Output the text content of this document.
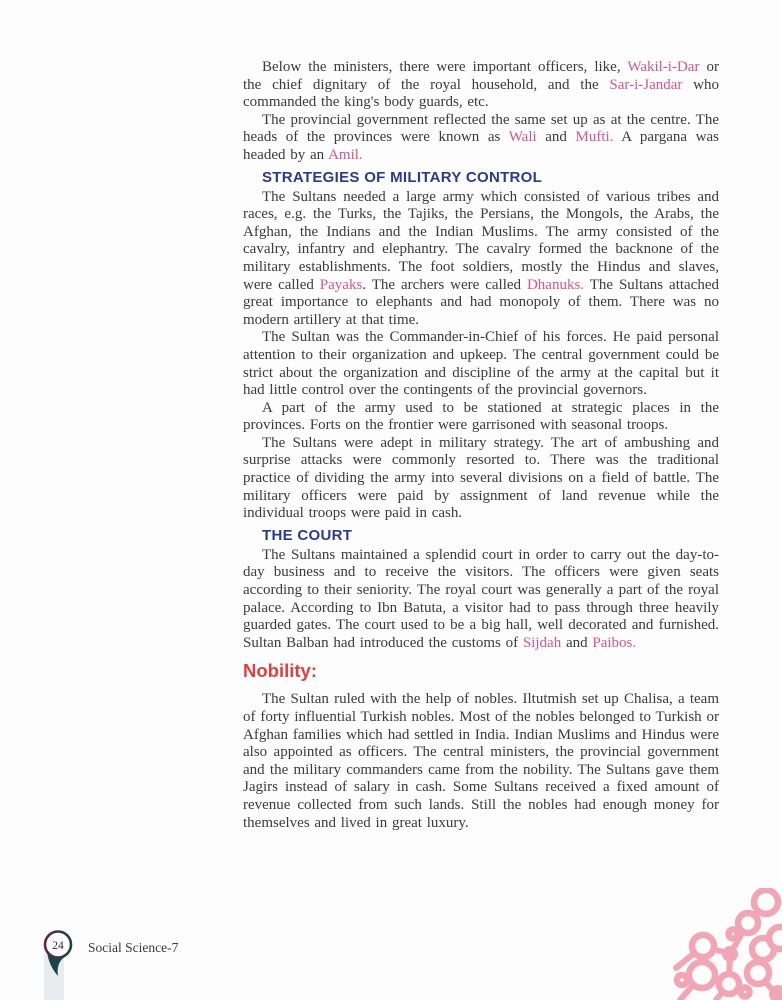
Below the ministers, there were important officers, like, Wakil-i-Dar or the chief dignitary of the royal household, and the Sar-i-Jandar who commanded the king's body guards, etc.

The provincial government reflected the same set up as at the centre. The heads of the provinces were known as Wali and Mufti. A pargana was headed by an Amil.

STRATEGIES OF MILITARY CONTROL

The Sultans needed a large army which consisted of various tribes and races, e.g. the Turks, the Tajiks, the Persians, the Mongols, the Arabs, the Afghan, the Indians and the Indian Muslims. The army consisted of the cavalry, infantry and elephantry. The cavalry formed the backnone of the military establishments. The foot soldiers, mostly the Hindus and slaves, were called Payaks. The archers were called Dhanuks. The Sultans attached great importance to elephants and had monopoly of them. There was no modern artillery at that time.

The Sultan was the Commander-in-Chief of his forces. He paid personal attention to their organization and upkeep. The central government could be strict about the organization and discipline of the army at the capital but it had little control over the contingents of the provincial governors.

A part of the army used to be stationed at strategic places in the provinces. Forts on the frontier were garrisoned with seasonal troops.

The Sultans were adept in military strategy. The art of ambushing and surprise attacks were commonly resorted to. There was the traditional practice of dividing the army into several divisions on a field of battle. The military officers were paid by assignment of land revenue while the individual troops were paid in cash.

THE COURT

The Sultans maintained a splendid court in order to carry out the day-to-day business and to receive the visitors. The officers were given seats according to their seniority. The royal court was generally a part of the royal palace. According to Ibn Batuta, a visitor had to pass through three heavily guarded gates. The court used to be a big hall, well decorated and furnished. Sultan Balban had introduced the customs of Sijdah and Paibos.

Nobility:

The Sultan ruled with the help of nobles. Iltutmish set up Chalisa, a team of forty influential Turkish nobles. Most of the nobles belonged to Turkish or Afghan families which had settled in India. Indian Muslims and Hindus were also appointed as officers. The central ministers, the provincial government and the military commanders came from the nobility. The Sultans gave them Jagirs instead of salary in cash. Some Sultans received a fixed amount of revenue collected from such lands. Still the nobles had enough money for themselves and lived in great luxury.

24 Social Science-7
